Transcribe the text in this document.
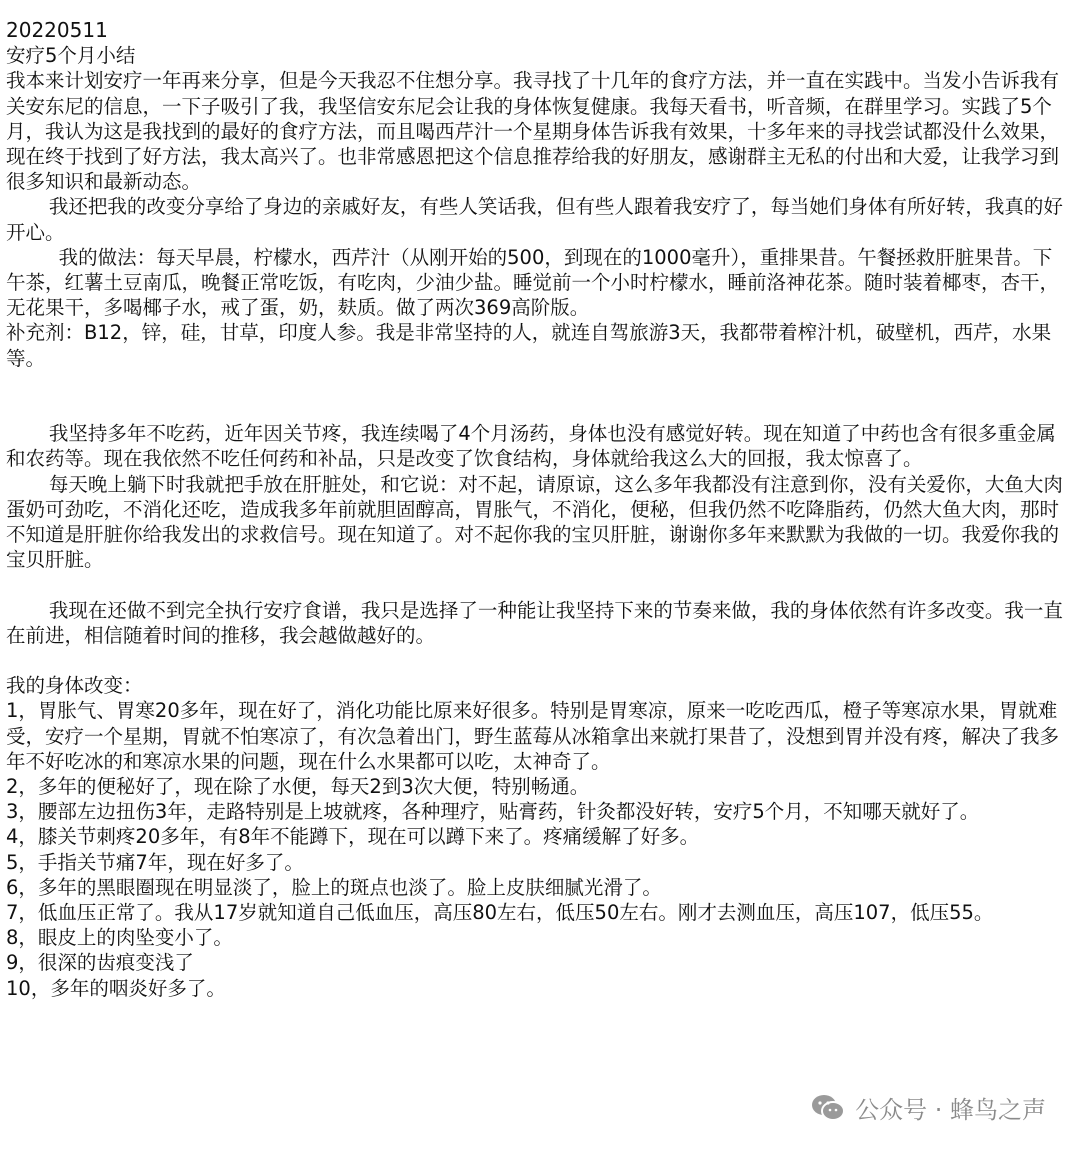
20220511

安疗5个月小结

我本来计划安疗一年再来分享，但是今天我忍不住想分享。我寻找了十几年的食疗方法，并一直在实践中。当发小告诉我有关安东尼的信息，一下子吸引了我，我坚信安东尼会让我的身体恢复健康。我每天看书，听音频，在群里学习。实践了5个月，我认为这是我找到的最好的食疗方法，而且喝西芹汁一个星期身体告诉我有效果，十多年来的寻找尝试都没什么效果，现在终于找到了好方法，我太高兴了。也非常感恩把这个信息推荐给我的好朋友，感谢群主无私的付出和大爱，让我学习到很多知识和最新动态。

我还把我的改变分享给了身边的亲戚好友，有些人笑话我，但有些人跟着我安疗了，每当她们身体有所好转，我真的好开心。

我的做法：每天早晨，柠檬水，西芹汁（从刚开始的500，到现在的1000毫升），重排果昔。午餐拯救肝脏果昔。下午茶，红薯土豆南瓜，晚餐正常吃饭，有吃肉，少油少盐。睡觉前一个小时柠檬水，睡前洛神花茶。随时装着椰枣，杏干，无花果干，多喝椰子水，戒了蛋，奶，麸质。做了两次369高阶版。

补充剂：B12，锌，硅，甘草，印度人参。我是非常坚持的人，就连自驾旅游3天，我都带着榨汁机，破壁机，西芹，水果等。

我坚持多年不吃药，近年因关节疼，我连续喝了4个月汤药，身体也没有感觉好转。现在知道了中药也含有很多重金属和农药等。现在我依然不吃任何药和补品，只是改变了饮食结构，身体就给我这么大的回报，我太惊喜了。

每天晚上躺下时我就把手放在肝脏处，和它说：对不起，请原谅，这么多年我都没有注意到你，没有关爱你，大鱼大肉蛋奶可劲吃，不消化还吃，造成我多年前就胆固醇高，胃胀气，不消化，便秘，但我仍然不吃降脂药，仍然大鱼大肉，那时不知道是肝脏你给我发出的求救信号。现在知道了。对不起你我的宝贝肝脏，谢谢你多年来默默为我做的一切。我爱你我的宝贝肝脏。

我现在还做不到完全执行安疗食谱，我只是选择了一种能让我坚持下来的节奏来做，我的身体依然有许多改变。我一直在前进，相信随着时间的推移，我会越做越好的。

我的身体改变：

1，胃胀气、胃寒20多年，现在好了，消化功能比原来好很多。特别是胃寒凉，原来一吃吃西瓜，橙子等寒凉水果，胃就难受，安疗一个星期，胃就不怕寒凉了，有次急着出门，野生蓝莓从冰箱拿出来就打果昔了，没想到胃并没有疼，解决了我多年不好吃冰的和寒凉水果的问题，现在什么水果都可以吃，太神奇了。

2，多年的便秘好了，现在除了水便，每天2到3次大便，特别畅通。

3，腰部左边扭伤3年，走路特别是上坡就疼，各种理疗，贴膏药，针灸都没好转，安疗5个月，不知哪天就好了。

4，膝关节刺疼20多年，有8年不能蹲下，现在可以蹲下来了。疼痛缓解了好多。

5，手指关节痛7年，现在好多了。

6，多年的黑眼圈现在明显淡了，脸上的斑点也淡了。脸上皮肤细腻光滑了。

7，低血压正常了。我从17岁就知道自己低血压，高压80左右，低压50左右。刚才去测血压，高压107，低压55。

8，眼皮上的肉坠变小了。

9，很深的齿痕变浅了

10，多年的咽炎好多了。

公众号 · 蜂鸟之声
